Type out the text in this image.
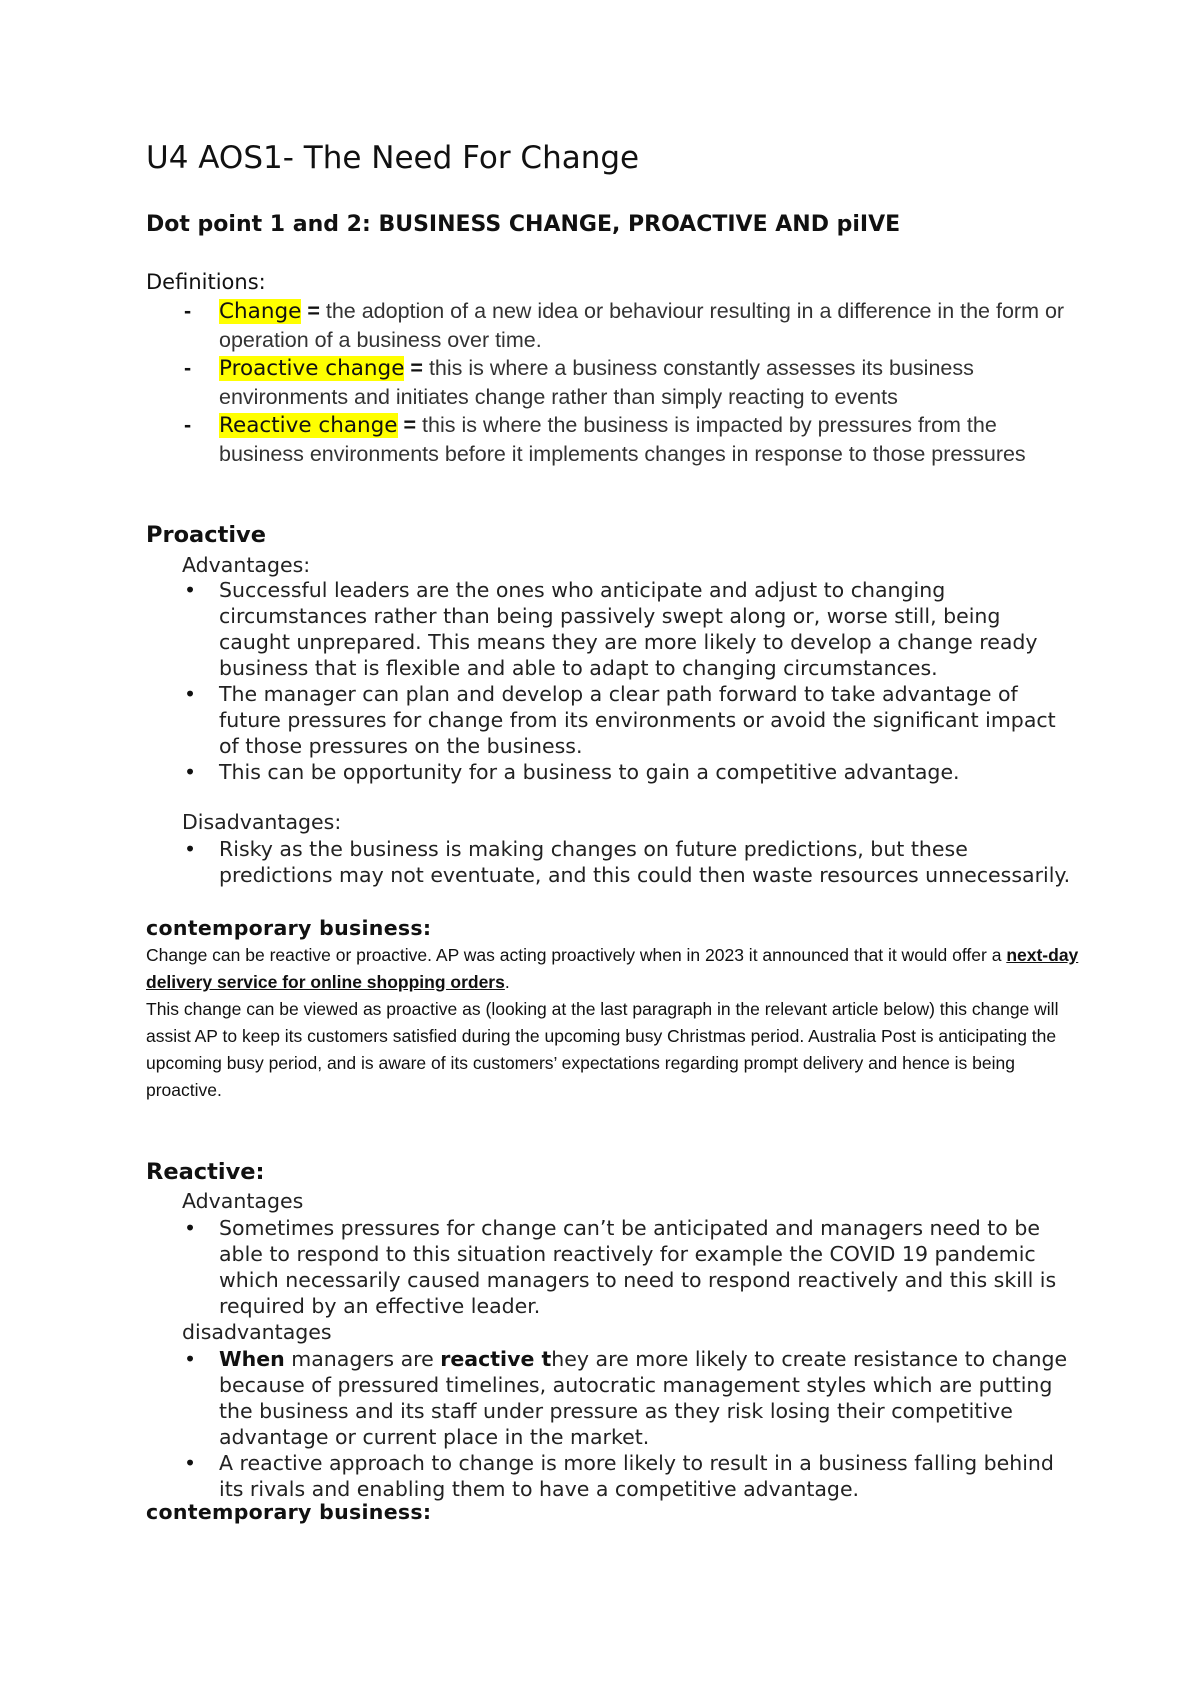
U4 AOS1- The Need For Change
Dot point 1 and 2: BUSINESS CHANGE, PROACTIVE AND piIVE

Definitions:

- Change = the adoption of a new idea or behaviour resulting in a difference in the form or operation of a business over time.
- Proactive change = this is where a business constantly assesses its business environments and initiates change rather than simply reacting to events
- Reactive change = this is where the business is impacted by pressures from the business environments before it implements changes in response to those pressures
Proactive

Advantages:

• Successful leaders are the ones who anticipate and adjust to changing circumstances rather than being passively swept along or, worse still, being caught unprepared. This means they are more likely to develop a change ready business that is flexible and able to adapt to changing circumstances.
• The manager can plan and develop a clear path forward to take advantage of future pressures for change from its environments or avoid the significant impact of those pressures on the business.
• This can be opportunity for a business to gain a competitive advantage.

Disadvantages:

• Risky as the business is making changes on future predictions, but these predictions may not eventuate, and this could then waste resources unnecessarily.

contemporary business:

Change can be reactive or proactive. AP was acting proactively when in 2023 it announced that it would offer a next-day delivery service for online shopping orders.
This change can be viewed as proactive as (looking at the last paragraph in the relevant article below) this change will assist AP to keep its customers satisfied during the upcoming busy Christmas period. Australia Post is anticipating the upcoming busy period, and is aware of its customers’ expectations regarding prompt delivery and hence is being proactive.
Reactive:

Advantages

• Sometimes pressures for change can’t be anticipated and managers need to be able to respond to this situation reactively for example the COVID 19 pandemic which necessarily caused managers to need to respond reactively and this skill is required by an effective leader.

disadvantages

• When managers are reactive they are more likely to create resistance to change because of pressured timelines, autocratic management styles which are putting the business and its staff under pressure as they risk losing their competitive advantage or current place in the market.
• A reactive approach to change is more likely to result in a business falling behind its rivals and enabling them to have a competitive advantage.

contemporary business:
